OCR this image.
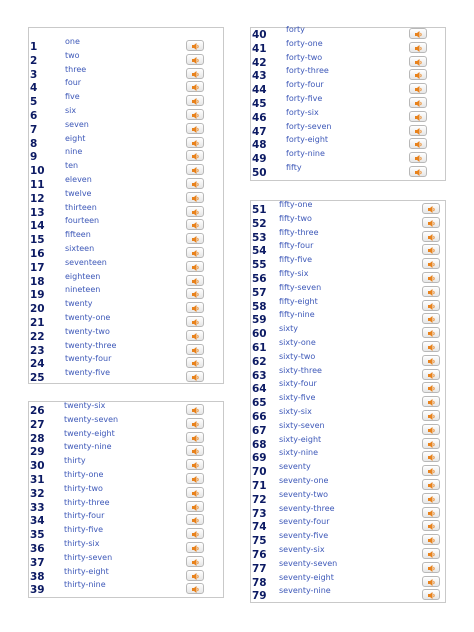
1	one
2	two
3	three
4	four
5	five
6	six
7	seven
8	eight
9	nine
10	ten
11	eleven
12	twelve
13	thirteen
14	fourteen
15	fifteen
16	sixteen
17	seventeen
18	eighteen
19	nineteen
20	twenty
21	twenty-one
22	twenty-two
23	twenty-three
24	twenty-four
25	twenty-five
26 twenty-six
27 twenty-seven
28 twenty-eight
29 twenty-nine
30 thirty
31 thirty-one
32 thirty-two
33 thirty-three
34 thirty-four
35 thirty-five
36 thirty-six
37 thirty-seven
38 thirty-eight
39 thirty-nine
40 forty
41 forty-one
42 forty-two
43 forty-three
44 forty-four
45 forty-five
46 forty-six
47 forty-seven
48 forty-eight
49 forty-nine
50 fifty
51 fifty-one
52 fifty-two
53 fifty-three
54 fifty-four
55 fifty-five
56 fifty-six
57 fifty-seven
58 fifty-eight
59 fifty-nine
60 sixty
61 sixty-one
62 sixty-two
63 sixty-three
64 sixty-four
65 sixty-five
66 sixty-six
67 sixty-seven
68 sixty-eight
69 sixty-nine
70 seventy
71 seventy-one
72 seventy-two
73 seventy-three
74 seventy-four
75 seventy-five
76 seventy-six
77 seventy-seven
78 seventy-eight
79 seventy-nine
